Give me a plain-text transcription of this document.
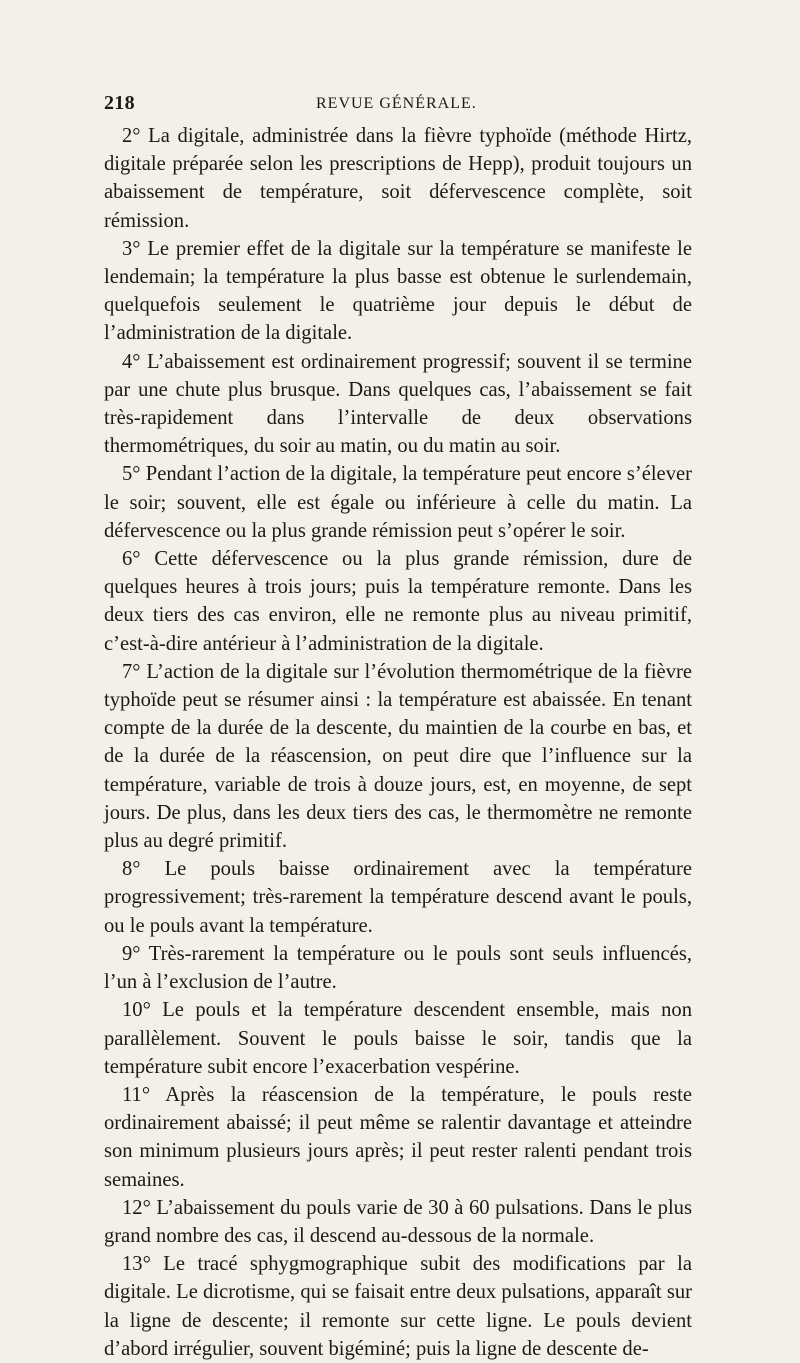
218	REVUE GÉNÉRALE.

2° La digitale, administrée dans la fièvre typhoïde (méthode Hirtz, digitale préparée selon les prescriptions de Hepp), produit toujours un abaissement de température, soit défervescence complète, soit rémission.

3° Le premier effet de la digitale sur la température se manifeste le lendemain; la température la plus basse est obtenue le surlendemain, quelquefois seulement le quatrième jour depuis le début de l’administration de la digitale.

4° L’abaissement est ordinairement progressif; souvent il se termine par une chute plus brusque. Dans quelques cas, l’abaissement se fait très-rapidement dans l’intervalle de deux observations thermométriques, du soir au matin, ou du matin au soir.

5° Pendant l’action de la digitale, la température peut encore s’élever le soir; souvent, elle est égale ou inférieure à celle du matin. La défervescence ou la plus grande rémission peut s’opérer le soir.

6° Cette défervescence ou la plus grande rémission, dure de quelques heures à trois jours; puis la température remonte. Dans les deux tiers des cas environ, elle ne remonte plus au niveau primitif, c’est-à-dire antérieur à l’administration de la digitale.

7° L’action de la digitale sur l’évolution thermométrique de la fièvre typhoïde peut se résumer ainsi : la température est abaissée. En tenant compte de la durée de la descente, du maintien de la courbe en bas, et de la durée de la réascension, on peut dire que l’influence sur la température, variable de trois à douze jours, est, en moyenne, de sept jours. De plus, dans les deux tiers des cas, le thermomètre ne remonte plus au degré primitif.

8° Le pouls baisse ordinairement avec la température progressivement; très-rarement la température descend avant le pouls, ou le pouls avant la température.

9° Très-rarement la température ou le pouls sont seuls influencés, l’un à l’exclusion de l’autre.

10° Le pouls et la température descendent ensemble, mais non parallèlement. Souvent le pouls baisse le soir, tandis que la température subit encore l’exacerbation vespérine.

11° Après la réascension de la température, le pouls reste ordinairement abaissé; il peut même se ralentir davantage et atteindre son minimum plusieurs jours après; il peut rester ralenti pendant trois semaines.

12° L’abaissement du pouls varie de 30 à 60 pulsations. Dans le plus grand nombre des cas, il descend au-dessous de la normale.

13° Le tracé sphygmographique subit des modifications par la digitale. Le dicrotisme, qui se faisait entre deux pulsations, apparaît sur la ligne de descente; il remonte sur cette ligne. Le pouls devient d’abord irrégulier, souvent bigéminé; puis la ligne de descente de-
